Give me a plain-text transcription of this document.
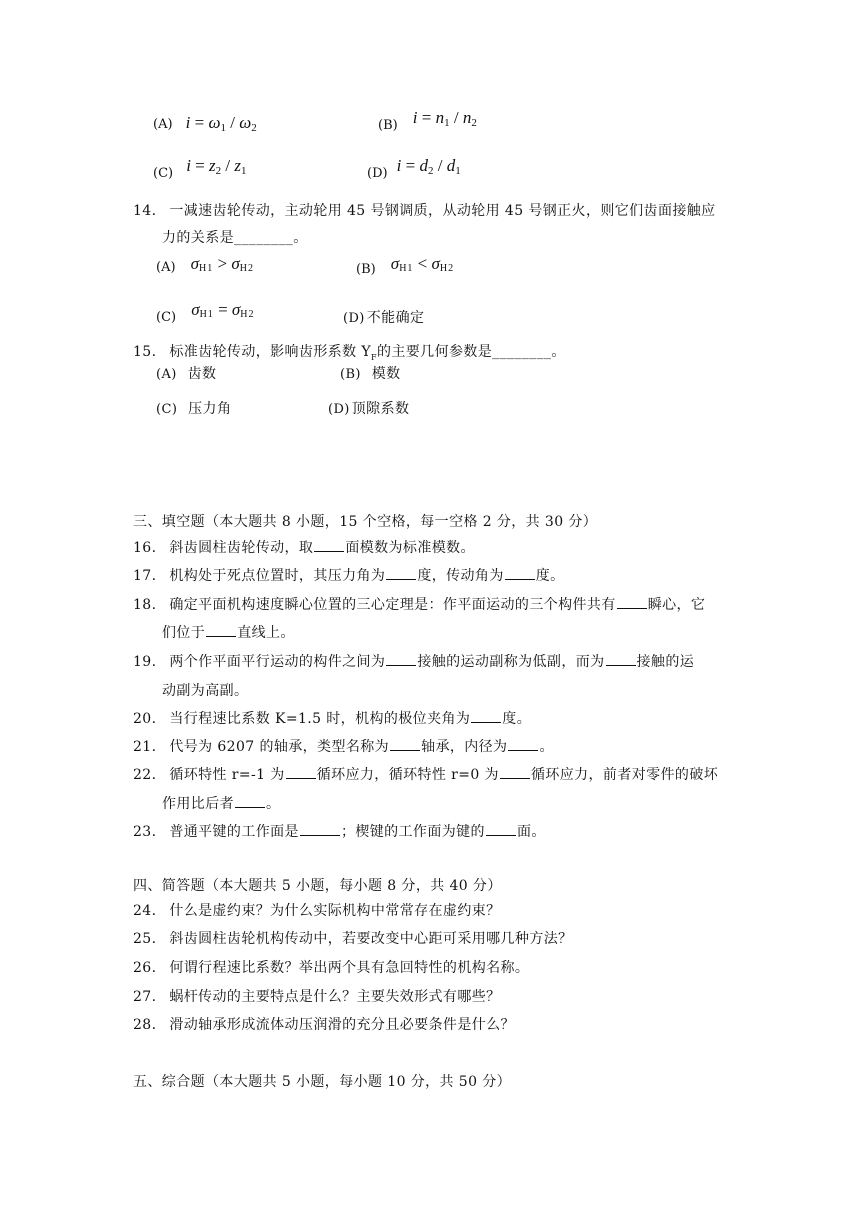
(A) $i = \omega_1 / \omega_2$	$_{(B)}$ $i = n_1 / n_2$
$_{(C)}$ $i = z_2 / z_1$	$_{(D)}$ $i = d_2 / d_1$
14. 一减速齿轮传动，主动轮用 45 号钢调质，从动轮用 45 号钢正火，则它们齿面接触应
力的关系是________。
(A) $\sigma_{H1} > \sigma_{H2}$	$_{(B)}$ $\sigma_{H1} < \sigma_{H2}$
$_{(C)}$ $\sigma_{H1} = \sigma_{H2}$	(D) 不能确定
15. 标准齿轮传动，影响齿形系数 $Y_F$的主要几何参数是________。
(A) 齿数	(B) 模数
(C) 压力角	(D) 顶隙系数
三、填空题（本大题共 8 小题，15 个空格，每一空格 2 分，共 30 分）
16. 斜齿圆柱齿轮传动，取 面模数为标准模数。
17. 机构处于死点位置时，其压力角为 度，传动角为 度。
18. 确定平面机构速度瞬心位置的三心定理是：作平面运动的三个构件共有 瞬心，它
们位于 直线上。
19. 两个作平面平行运动的构件之间为 接触的运动副称为低副，而为 接触的运
动副为高副。
20. 当行程速比系数 K=1.5 时，机构的极位夹角为 度。
21. 代号为 6207 的轴承，类型名称为 轴承，内径为 。
22. 循环特性 r=-1 为 循环应力，循环特性 r=0 为 循环应力，前者对零件的破坏
作用比后者 。
23. 普通平键的工作面是	；楔键的工作面为键的 面。
四、简答题（本大题共 5 小题，每小题 8 分，共 40 分）
24. 什么是虚约束？为什么实际机构中常常存在虚约束？
25. 斜齿圆柱齿轮机构传动中，若要改变中心距可采用哪几种方法？
26. 何谓行程速比系数？举出两个具有急回特性的机构名称。
27. 蜗杆传动的主要特点是什么？主要失效形式有哪些？
28. 滑动轴承形成流体动压润滑的充分且必要条件是什么？
五、综合题（本大题共 5 小题，每小题 10 分，共 50 分）
